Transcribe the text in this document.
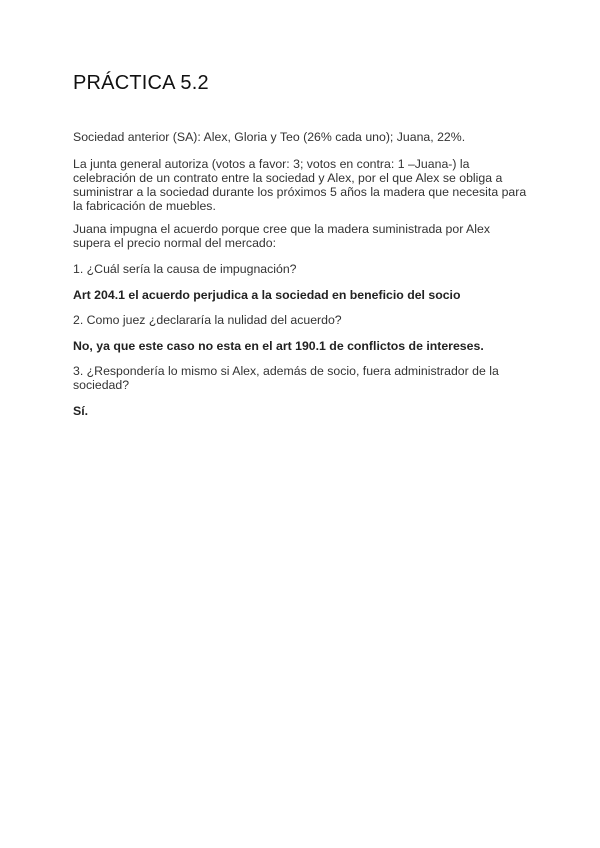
PRÁCTICA 5.2

Sociedad anterior (SA): Alex, Gloria y Teo (26% cada uno); Juana, 22%.

La junta general autoriza (votos a favor: 3; votos en contra: 1 –Juana-) la celebración de un contrato entre la sociedad y Alex, por el que Alex se obliga a suministrar a la sociedad durante los próximos 5 años la madera que necesita para la fabricación de muebles.

Juana impugna el acuerdo porque cree que la madera suministrada por Alex supera el precio normal del mercado:

1. ¿Cuál sería la causa de impugnación?

Art 204.1 el acuerdo perjudica a la sociedad en beneficio del socio

2. Como juez ¿declararía la nulidad del acuerdo?

No, ya que este caso no esta en el art 190.1 de conflictos de intereses.

3. ¿Respondería lo mismo si Alex, además de socio, fuera administrador de la sociedad?

Sí.
